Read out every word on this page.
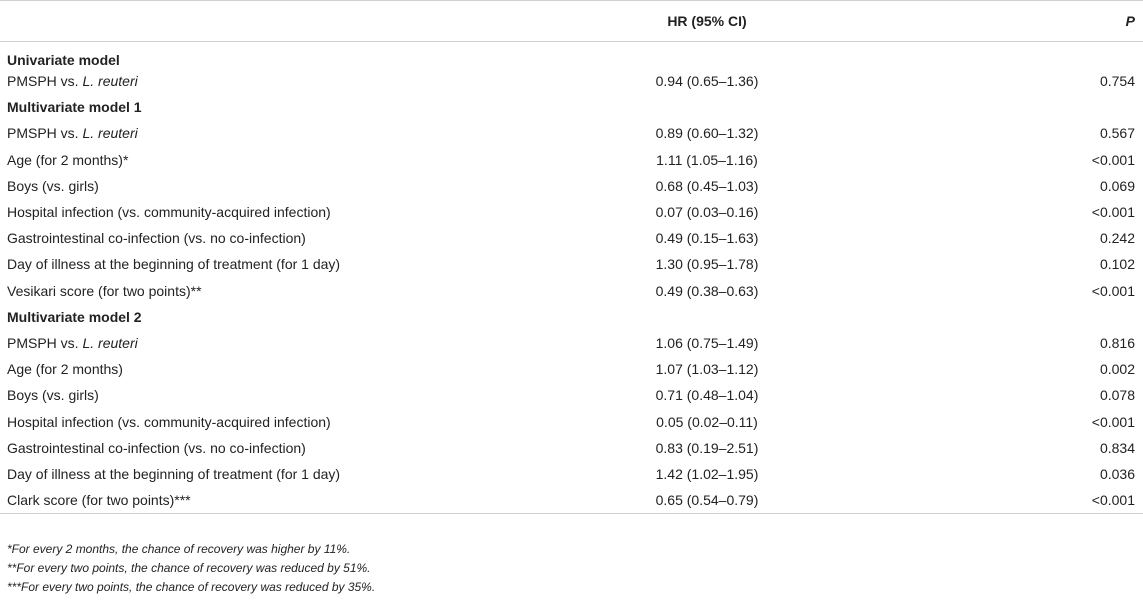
	HR (95% CI)	P
Univariate model		
PMSPH vs. L. reuteri	0.94 (0.65–1.36)	0.754
Multivariate model 1		
PMSPH vs. L. reuteri	0.89 (0.60–1.32)	0.567
Age (for 2 months)*	1.11 (1.05–1.16)	<0.001
Boys (vs. girls)	0.68 (0.45–1.03)	0.069
Hospital infection (vs. community-acquired infection)	0.07 (0.03–0.16)	<0.001
Gastrointestinal co-infection (vs. no co-infection)	0.49 (0.15–1.63)	0.242
Day of illness at the beginning of treatment (for 1 day)	1.30 (0.95–1.78)	0.102
Vesikari score (for two points)**	0.49 (0.38–0.63)	<0.001
Multivariate model 2		
PMSPH vs. L. reuteri	1.06 (0.75–1.49)	0.816
Age (for 2 months)	1.07 (1.03–1.12)	0.002
Boys (vs. girls)	0.71 (0.48–1.04)	0.078
Hospital infection (vs. community-acquired infection)	0.05 (0.02–0.11)	<0.001
Gastrointestinal co-infection (vs. no co-infection)	0.83 (0.19–2.51)	0.834
Day of illness at the beginning of treatment (for 1 day)	1.42 (1.02–1.95)	0.036
Clark score (for two points)***	0.65 (0.54–0.79)	<0.001
*For every 2 months, the chance of recovery was higher by 11%.
**For every two points, the chance of recovery was reduced by 51%.
***For every two points, the chance of recovery was reduced by 35%.
